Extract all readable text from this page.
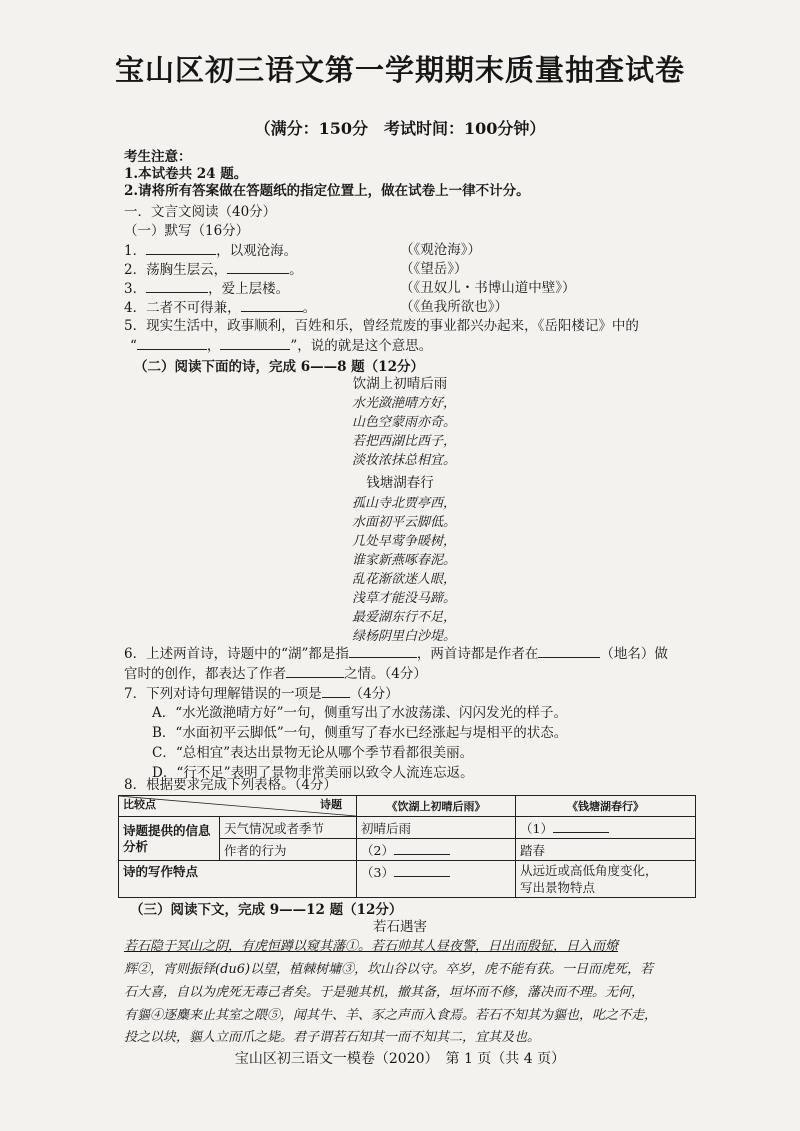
宝山区初三语文第一学期期末质量抽查试卷
（满分：150分　考试时间：100分钟）
考生注意：
1.本试卷共 24 题。
2.请将所有答案做在答题纸的指定位置上，做在试卷上一律不计分。
一．文言文阅读（40分）
（一）默写（16分）
1．	，以观沧海。	（《观沧海》）
2．荡胸生层云，	。	（《望岳》）
3．	，爱上层楼。	（《丑奴儿・书博山道中壁》）
4．二者不可得兼，	。	（《鱼我所欲也》）
5．现实生活中，政事顺利，百姓和乐，曾经荒废的事业都兴办起来，《岳阳楼记》中的
“	，	”，说的就是这个意思。
（二）阅读下面的诗，完成 6——8 题（12分）
饮湖上初晴后雨
水光潋滟晴方好，
山色空蒙雨亦奇。
若把西湖比西子，
淡妆浓抹总相宜。
钱塘湖春行
孤山寺北贾亭西，
水面初平云脚低。
几处早莺争暖树，
谁家新燕啄春泥。
乱花渐欲迷人眼，
浅草才能没马蹄。
最爱湖东行不足，
绿杨阴里白沙堤。
6．上述两首诗，诗题中的“湖”都是指	，两首诗都是作者在	（地名）做
官时的创作，都表达了作者	之情。（4分）
7．下列对诗句理解错误的一项是 （4分）
A．“水光潋滟晴方好”一句，侧重写出了水波荡漾、闪闪发光的样子。
B．“水面初平云脚低”一句，侧重写了春水已经涨起与堤相平的状态。
C．“总相宜”表达出景物无论从哪个季节看都很美丽。
D．“行不足”表明了景物非常美丽以致令人流连忘返。
8．根据要求完成下列表格。（4分）
比较点 诗题		《饮湖上初晴后雨》	《钱塘湖春行》
诗题提供的信息
分析	天气情况或者季节	初晴后雨	（1）
	作者的行为	（2）	踏春
诗的写作特点		（3）	从远近或高低角度变化，
写出景物特点
（三）阅读下文，完成 9——12 题（12分）
若石遇害
若石隐于冥山之阴，有虎恒蹲以窥其藩①。若石帅其人昼夜警，日出而殷钲，日入而燎
辉②，宵则振铎(du6)以望，植棘树墉③，坎山谷以守。卒岁，虎不能有获。一日而虎死，若
石大喜，自以为虎死无毒己者矣。于是驰其机，撤其备，垣坏而不修，藩决而不理。无何，
有貙④逐麋来止其室之隈⑤，闻其牛、羊、豕之声而入食焉。若石不知其为貙也，叱之不走，
投之以块，貙人立而爪之毙。君子谓若石知其一而不知其二，宜其及也。
宝山区初三语文一模卷（2020）　第 1 页（共 4 页）
